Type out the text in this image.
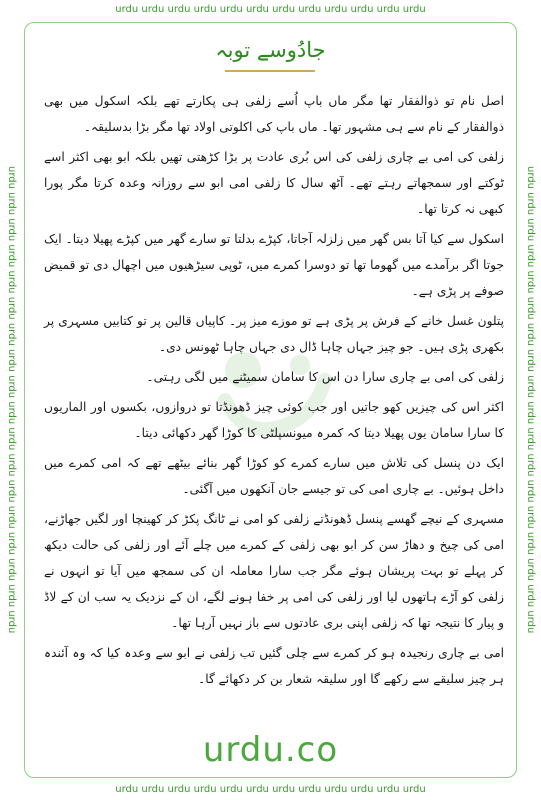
urdu urdu urdu urdu urdu urdu urdu urdu urdu urdu urdu urdu
urdu urdu urdu urdu urdu urdu urdu urdu urdu urdu urdu urdu urdu urdu urdu urdu urdu urdu	urdu urdu urdu urdu urdu urdu urdu urdu urdu urdu urdu urdu urdu urdu urdu urdu urdu urdu
urdu urdu urdu urdu urdu urdu urdu urdu urdu urdu urdu urdu
جادُوسے توبہ

اصل نام تو ذوالفقار تھا مگر ماں باپ اُسے زلفی ہی پکارتے تھے بلکہ اسکول میں بھی ذوالفقار کے نام سے ہی مشہور تھا۔ ماں باپ کی اکلوتی اولاد تھا مگر بڑا بدسلیقہ۔

زلفی کی امی بے چاری زلفی کی اس بُری عادت پر بڑا کڑھتی تھیں بلکہ ابو بھی اکثر اسے ٹوکتے اور سمجھاتے رہتے تھے۔ آٹھ سال کا زلفی امی ابو سے روزانہ وعدہ کرتا مگر پورا کبھی نہ کرتا تھا۔

اسکول سے کیا آتا بس گھر میں زلزلہ آجاتا، کپڑے بدلتا تو سارے گھر میں کپڑے پھیلا دیتا۔ ایک جوتا اگر برآمدے میں گھوما تھا تو دوسرا کمرے میں، ٹوپی سیڑھیوں میں اچھال دی تو قمیض صوفے پر پڑی ہے۔

پتلون غسل خانے کے فرش پر پڑی ہے تو موزے میز پر۔ کاپیاں قالین پر تو کتابیں مسہری پر بکھری پڑی ہیں۔ جو چیز جہاں چاہا ڈال دی جہاں چاہا ٹھونس دی۔

زلفی کی امی بے چاری سارا دن اس کا سامان سمیٹنے میں لگی رہتی۔

اکثر اس کی چیزیں کھو جاتیں اور جب کوئی چیز ڈھونڈتا تو دروازوں، بکسوں اور الماریوں کا سارا سامان یوں پھیلا دیتا کہ کمرہ میونسپلٹی کا کوڑا گھر دکھائی دیتا۔

ایک دن پنسل کی تلاش میں سارے کمرے کو کوڑا گھر بنائے بیٹھے تھے کہ امی کمرے میں داخل ہوئیں۔ بے چاری امی کی تو جیسے جان آنکھوں میں آگئی۔

مسہری کے نیچے گھسے پنسل ڈھونڈتے زلفی کو امی نے ٹانگ پکڑ کر کھینچا اور لگیں جھاڑنے، امی کی چیخ و دھاڑ سن کر ابو بھی زلفی کے کمرے میں چلے آئے اور زلفی کی حالت دیکھ کر پہلے تو بہت پریشان ہوئے مگر جب سارا معاملہ ان کی سمجھ میں آیا تو انہوں نے زلفی کو آڑے ہاتھوں لیا اور زلفی کی امی پر خفا ہونے لگے، ان کے نزدیک یہ سب ان کے لاڈ و پیار کا نتیجہ تھا کہ زلفی اپنی بری عادتوں سے باز نہیں آرہا تھا۔

امی بے چاری رنجیدہ ہو کر کمرے سے چلی گئیں تب زلفی نے ابو سے وعدہ کیا کہ وہ آئندہ ہر چیز سلیقے سے رکھے گا اور سلیقہ شعار بن کر دکھائے گا۔

urdu.co
